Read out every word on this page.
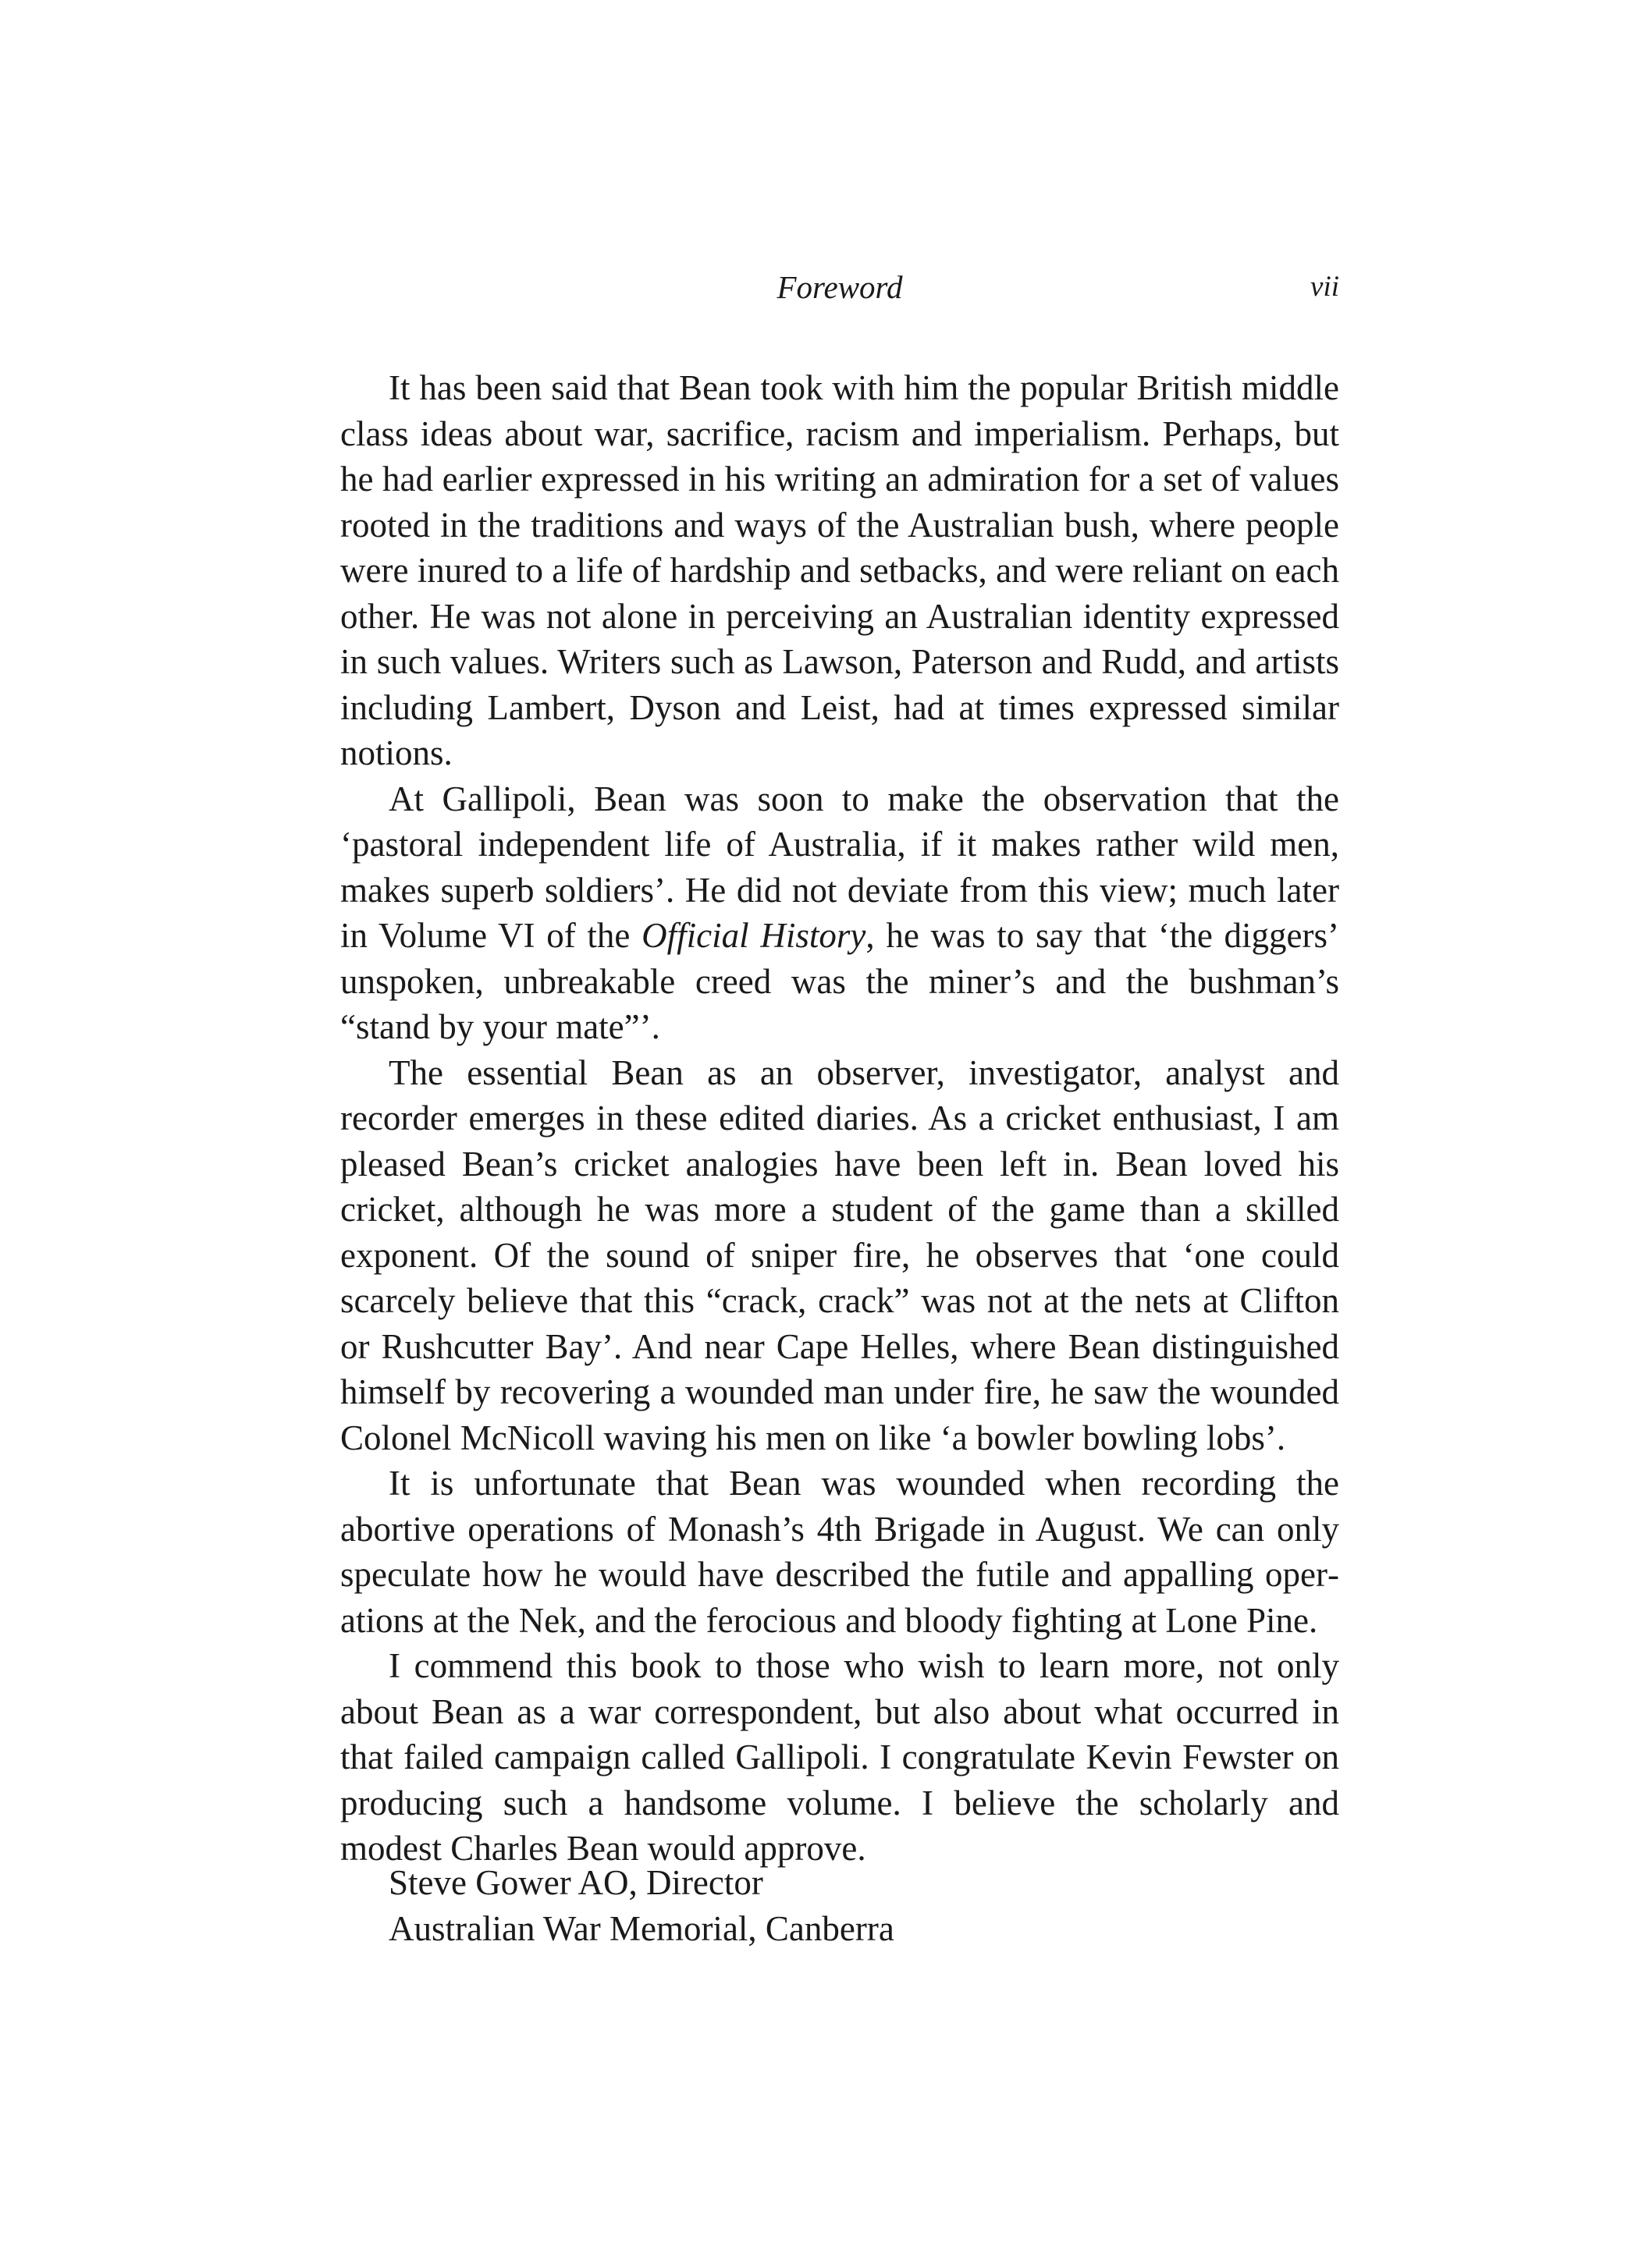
Foreword	vii

It has been said that Bean took with him the popular British middle class ideas about war, sacrifice, racism and imperialism. Perhaps, but he had earlier expressed in his writing an admiration for a set of values rooted in the traditions and ways of the Australian bush, where people were inured to a life of hardship and setbacks, and were reliant on each other. He was not alone in perceiving an Australian identity expressed in such values. Writers such as Lawson, Paterson and Rudd, and artists including Lambert, Dyson and Leist, had at times expressed similar notions.

At Gallipoli, Bean was soon to make the observation that the ‘pastoral independent life of Australia, if it makes rather wild men, makes superb soldiers’. He did not deviate from this view; much later in Volume VI of the Official History, he was to say that ‘the diggers’ unspoken, unbreakable creed was the miner’s and the bushman’s “stand by your mate”’.

The essential Bean as an observer, investigator, analyst and recorder emerges in these edited diaries. As a cricket enthusiast, I am pleased Bean’s cricket analogies have been left in. Bean loved his cricket, although he was more a student of the game than a skilled exponent. Of the sound of sniper fire, he observes that ‘one could scarcely believe that this “crack, crack” was not at the nets at Clifton or Rushcutter Bay’. And near Cape Helles, where Bean distinguished himself by recovering a wounded man under fire, he saw the wounded Colonel McNicoll waving his men on like ‘a bowler bowling lobs’.

It is unfortunate that Bean was wounded when recording the abortive operations of Monash’s 4th Brigade in August. We can only speculate how he would have described the futile and appalling operations at the Nek, and the ferocious and bloody fighting at Lone Pine.

I commend this book to those who wish to learn more, not only about Bean as a war correspondent, but also about what occurred in that failed campaign called Gallipoli. I congratulate Kevin Fewster on producing such a handsome volume. I believe the scholarly and modest Charles Bean would approve.

Steve Gower AO, Director
Australian War Memorial, Canberra
